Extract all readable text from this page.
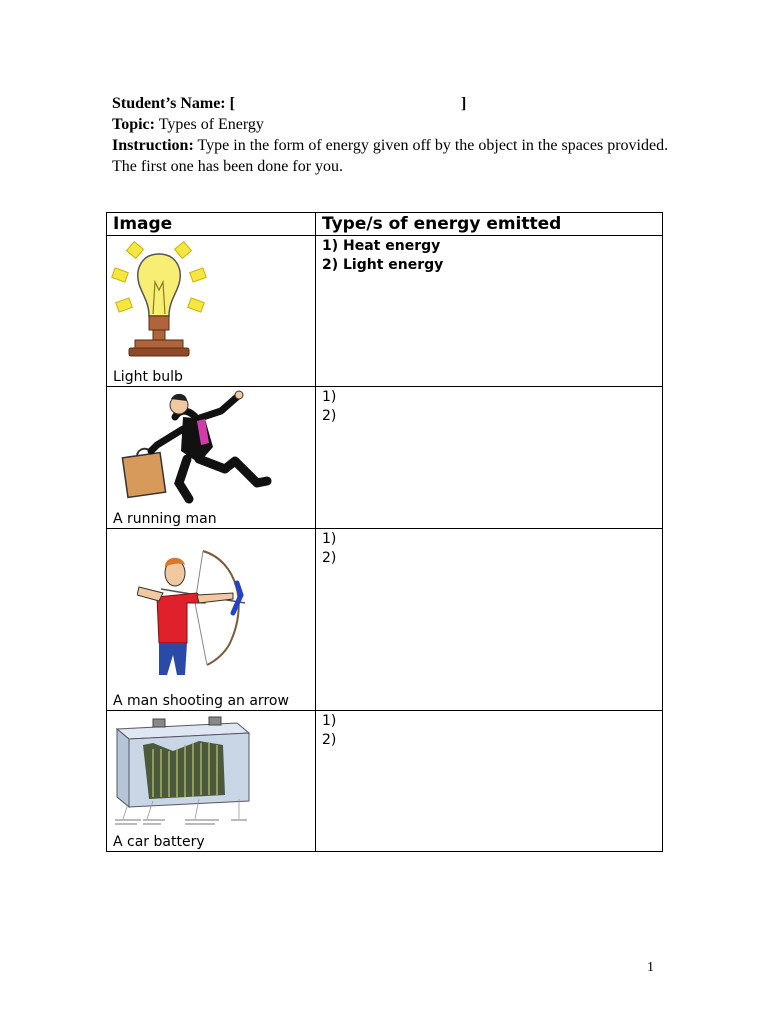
Student’s Name: [	]

Topic: Types of Energy

Instruction: Type in the form of energy given off by the object in the spaces provided. The first one has been done for you.

Image	Type/s of energy emitted

Light bulb	1) Heat energy
2) Light energy

A running man	1)
2)

A man shooting an arrow	1)
2)

A car battery	1)
2)
1
